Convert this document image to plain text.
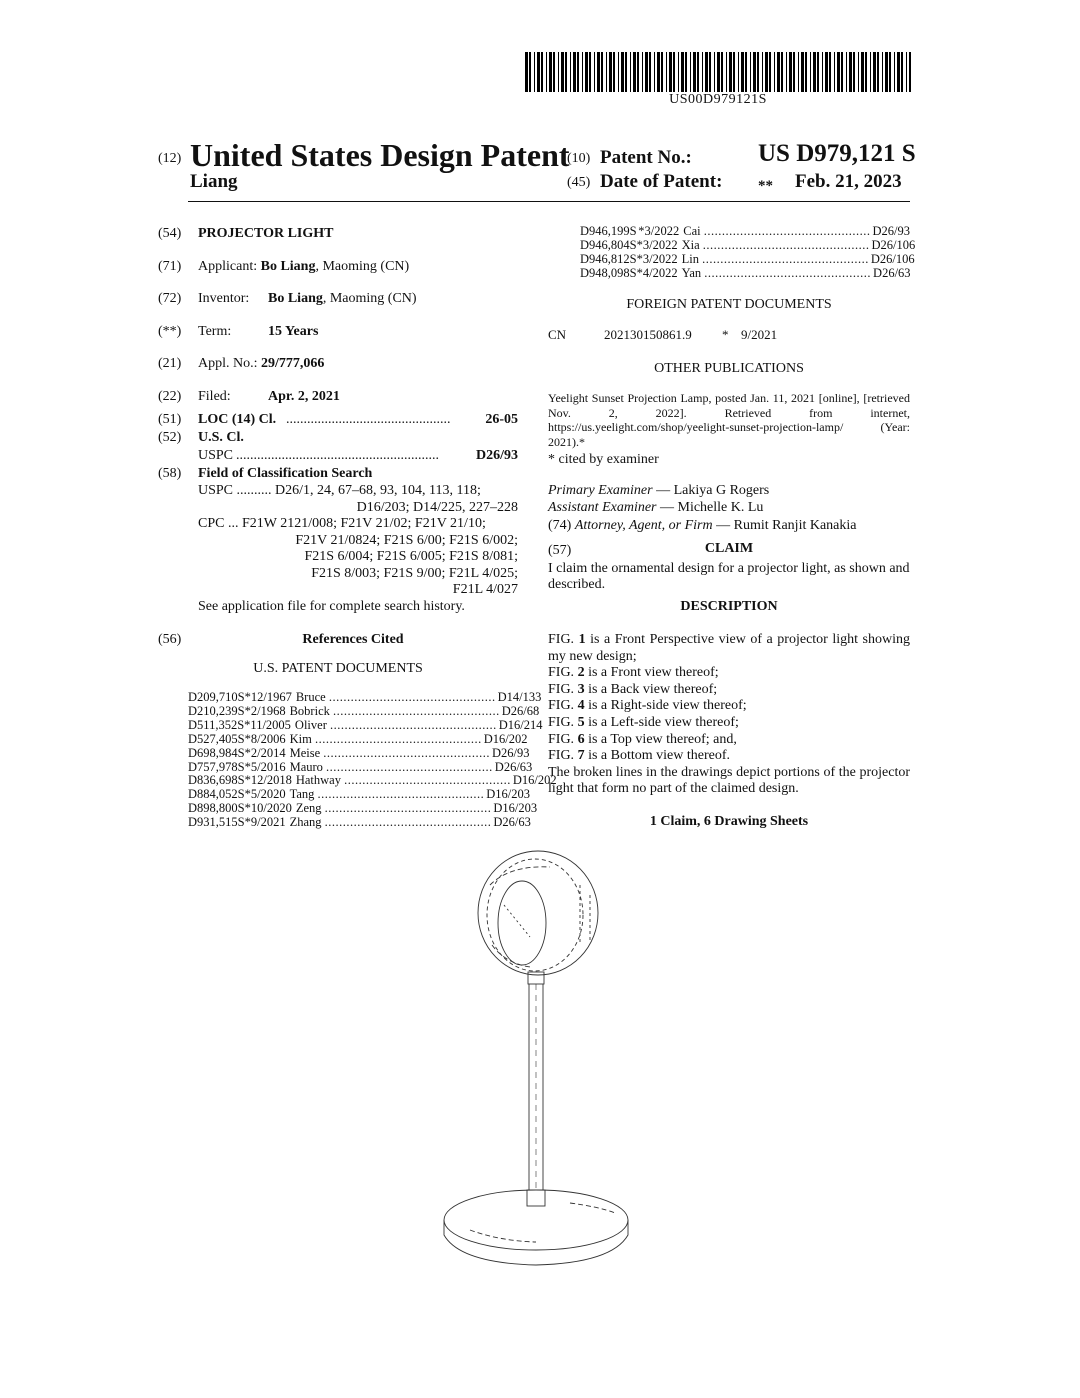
US00D979121S
(12) United States Design Patent
Liang
(10) Patent No.:	US D979,121 S
(45) Date of Patent: ** Feb. 21, 2023
(54) PROJECTOR LIGHT
(71) Applicant: Bo Liang, Maoming (CN)
(72) Inventor: Bo Liang, Maoming (CN)
(**) Term:	15 Years
(21) Appl. No.: 29/777,066
(22) Filed:	Apr. 2, 2021
(51) LOC (14) Cl. ............................................... 26-05
(52) U.S. Cl.
USPC ..........................................................	D26/93
(58) Field of Classification Search
USPC .......... D26/1, 24, 67–68, 93, 104, 113, 118;
D16/203; D14/225, 227–228
CPC ... F21W 2121/008; F21V 21/02; F21V 21/10;
F21V 21/0824; F21S 6/00; F21S 6/002;
F21S 6/004; F21S 6/005; F21S 8/081;
F21S 8/003; F21S 9/00; F21L 4/025;
F21L 4/027
See application file for complete search history.
(56)	References Cited
U.S. PATENT DOCUMENTS
D209,710 S * 12/1967 Bruce .............................................. D14/133
D210,239 S * 2/1968 Bobrick .............................................. D26/68
D511,352 S * 11/2005 Oliver .............................................. D16/214
D527,405 S * 8/2006 Kim .............................................. D16/202
D698,984 S * 2/2014 Meise .............................................. D26/93
D757,978 S * 5/2016 Mauro .............................................. D26/63
D836,698 S * 12/2018 Hathway .............................................. D16/202
D884,052 S * 5/2020 Tang .............................................. D16/203
D898,800 S * 10/2020 Zeng .............................................. D16/203
D931,515 S * 9/2021 Zhang .............................................. D26/63
D946,199 S * 3/2022 Cai .............................................. D26/93
D946,804 S * 3/2022 Xia .............................................. D26/106
D946,812 S * 3/2022 Lin .............................................. D26/106
D948,098 S * 4/2022 Yan .............................................. D26/63
FOREIGN PATENT DOCUMENTS
CN	202130150861.9 * 9/2021
OTHER PUBLICATIONS
Yeelight Sunset Projection Lamp, posted Jan. 11, 2021 [online], [retrieved Nov. 2, 2022]. Retrieved from internet, https://us.yeelight.com/shop/yeelight-sunset-projection-lamp/ (Year: 2021).*
* cited by examiner
Primary Examiner — Lakiya G Rogers
Assistant Examiner — Michelle K. Lu
(74) Attorney, Agent, or Firm — Rumit Ranjit Kanakia
(57)	CLAIM
I claim the ornamental design for a projector light, as shown and described.
DESCRIPTION

FIG. 1 is a Front Perspective view of a projector light showing my new design;

FIG. 2 is a Front view thereof;

FIG. 3 is a Back view thereof;

FIG. 4 is a Right-side view thereof;

FIG. 5 is a Left-side view thereof;

FIG. 6 is a Top view thereof; and,

FIG. 7 is a Bottom view thereof.

The broken lines in the drawings depict portions of the projector light that form no part of the claimed design.

1 Claim, 6 Drawing Sheets
